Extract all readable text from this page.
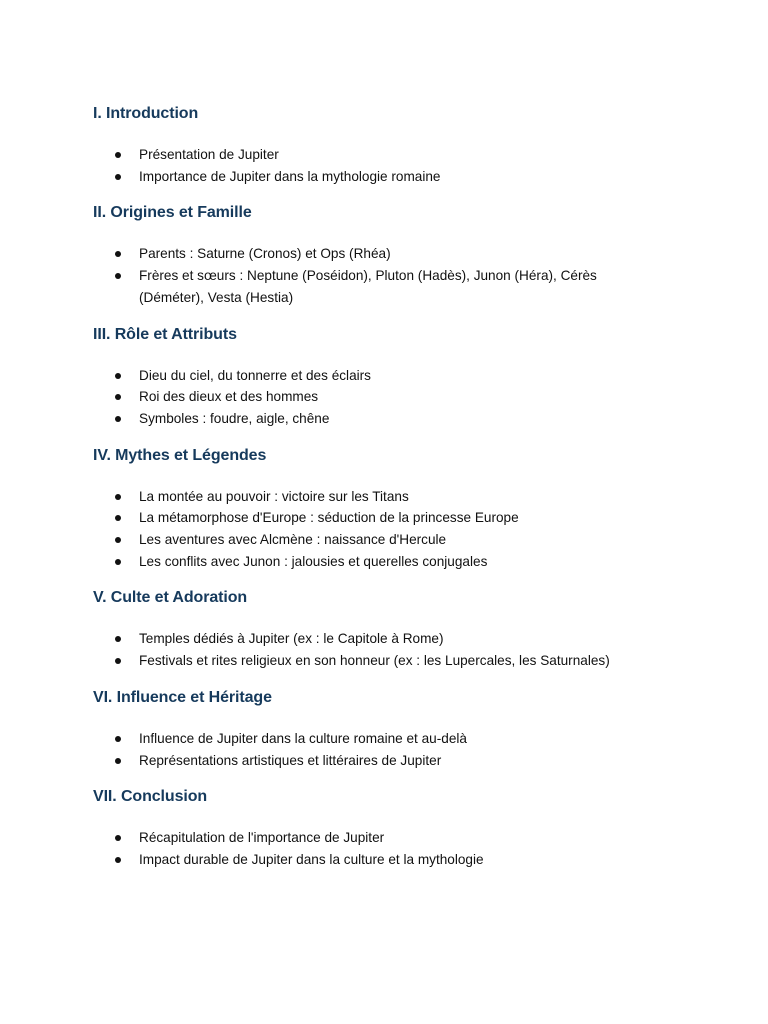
I. Introduction
Présentation de Jupiter
Importance de Jupiter dans la mythologie romaine
II. Origines et Famille
Parents : Saturne (Cronos) et Ops (Rhéa)
Frères et sœurs : Neptune (Poséidon), Pluton (Hadès), Junon (Héra), Cérès (Déméter), Vesta (Hestia)
III. Rôle et Attributs
Dieu du ciel, du tonnerre et des éclairs
Roi des dieux et des hommes
Symboles : foudre, aigle, chêne
IV. Mythes et Légendes
La montée au pouvoir : victoire sur les Titans
La métamorphose d'Europe : séduction de la princesse Europe
Les aventures avec Alcmène : naissance d'Hercule
Les conflits avec Junon : jalousies et querelles conjugales
V. Culte et Adoration
Temples dédiés à Jupiter (ex : le Capitole à Rome)
Festivals et rites religieux en son honneur (ex : les Lupercales, les Saturnales)
VI. Influence et Héritage
Influence de Jupiter dans la culture romaine et au-delà
Représentations artistiques et littéraires de Jupiter
VII. Conclusion
Récapitulation de l'importance de Jupiter
Impact durable de Jupiter dans la culture et la mythologie
